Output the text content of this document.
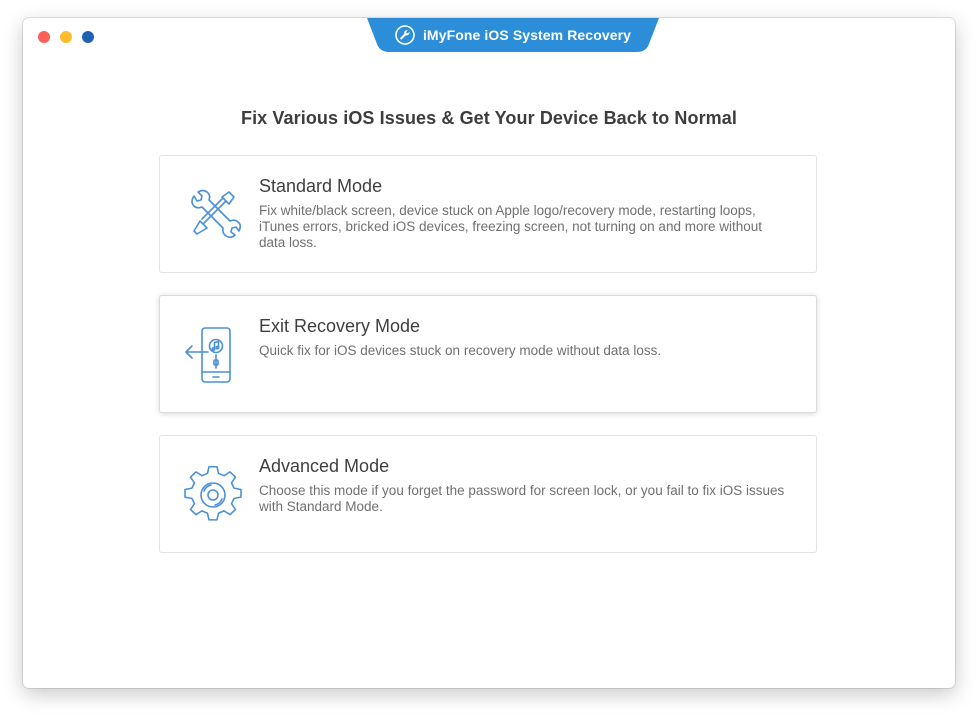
iMyFone iOS System Recovery
Fix Various iOS Issues & Get Your Device Back to Normal
Standard Mode

Fix white/black screen, device stuck on Apple logo/recovery mode, restarting loops, iTunes errors, bricked iOS devices, freezing screen, not turning on and more without data loss.

Exit Recovery Mode

Quick fix for iOS devices stuck on recovery mode without data loss.

Advanced Mode

Choose this mode if you forget the password for screen lock, or you fail to fix iOS issues with Standard Mode.
